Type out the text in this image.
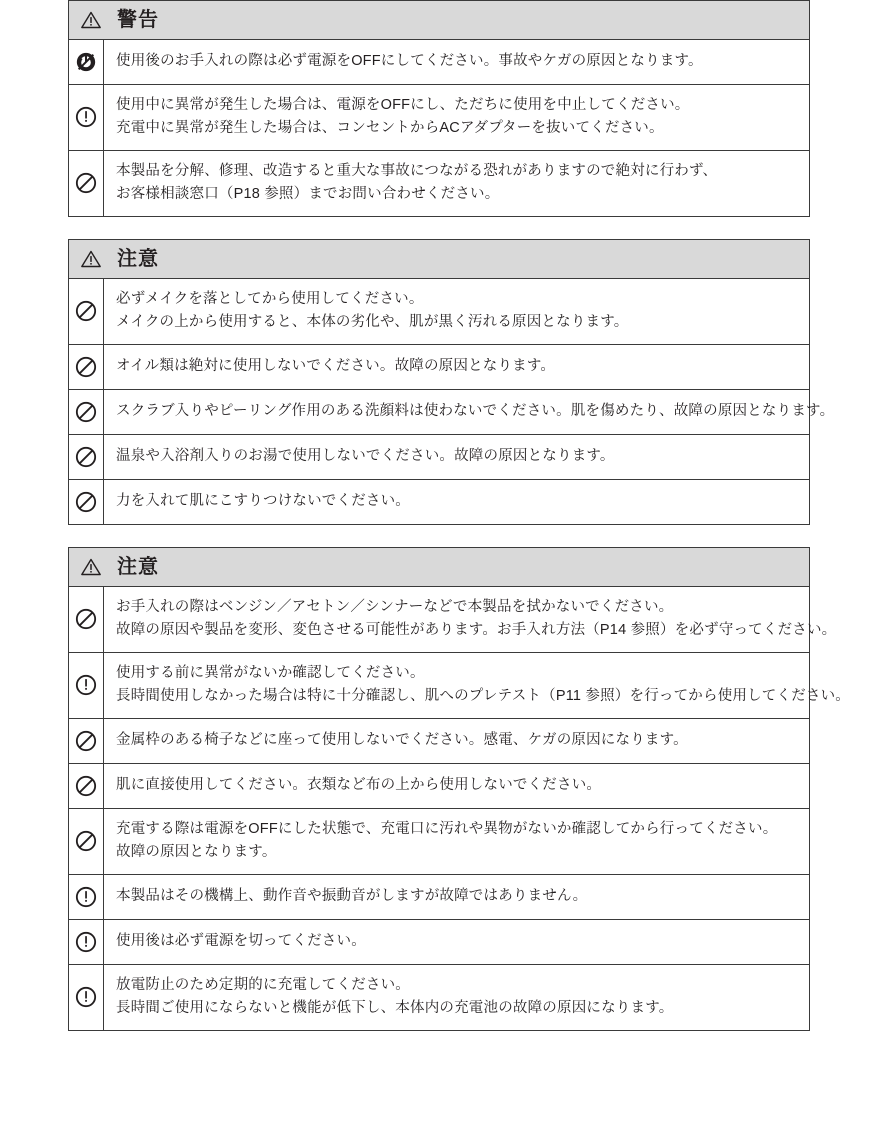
警告
使用後のお手入れの際は必ず電源をOFFにしてください。事故やケガの原因となります。
使用中に異常が発生した場合は、電源をOFFにし、ただちに使用を中止してください。
充電中に異常が発生した場合は、コンセントからACアダプターを抜いてください。
本製品を分解、修理、改造すると重大な事故につながる恐れがありますので絶対に行わず、
お客様相談窓口（P18 参照）までお問い合わせください。
注意
必ずメイクを落としてから使用してください。
メイクの上から使用すると、本体の劣化や、肌が黒く汚れる原因となります。
オイル類は絶対に使用しないでください。故障の原因となります。
スクラブ入りやピーリング作用のある洗顔料は使わないでください。肌を傷めたり、故障の原因となります。
温泉や入浴剤入りのお湯で使用しないでください。故障の原因となります。
力を入れて肌にこすりつけないでください。
注意
お手入れの際はベンジン／アセトン／シンナーなどで本製品を拭かないでください。
故障の原因や製品を変形、変色させる可能性があります。お手入れ方法（P14 参照）を必ず守ってください。
使用する前に異常がないか確認してください。
長時間使用しなかった場合は特に十分確認し、肌へのプレテスト（P11 参照）を行ってから使用してください。
金属枠のある椅子などに座って使用しないでください。感電、ケガの原因になります。
肌に直接使用してください。衣類など布の上から使用しないでください。
充電する際は電源をOFFにした状態で、充電口に汚れや異物がないか確認してから行ってください。
故障の原因となります。
本製品はその機構上、動作音や振動音がしますが故障ではありません。
使用後は必ず電源を切ってください。
放電防止のため定期的に充電してください。
長時間ご使用にならないと機能が低下し、本体内の充電池の故障の原因になります。
